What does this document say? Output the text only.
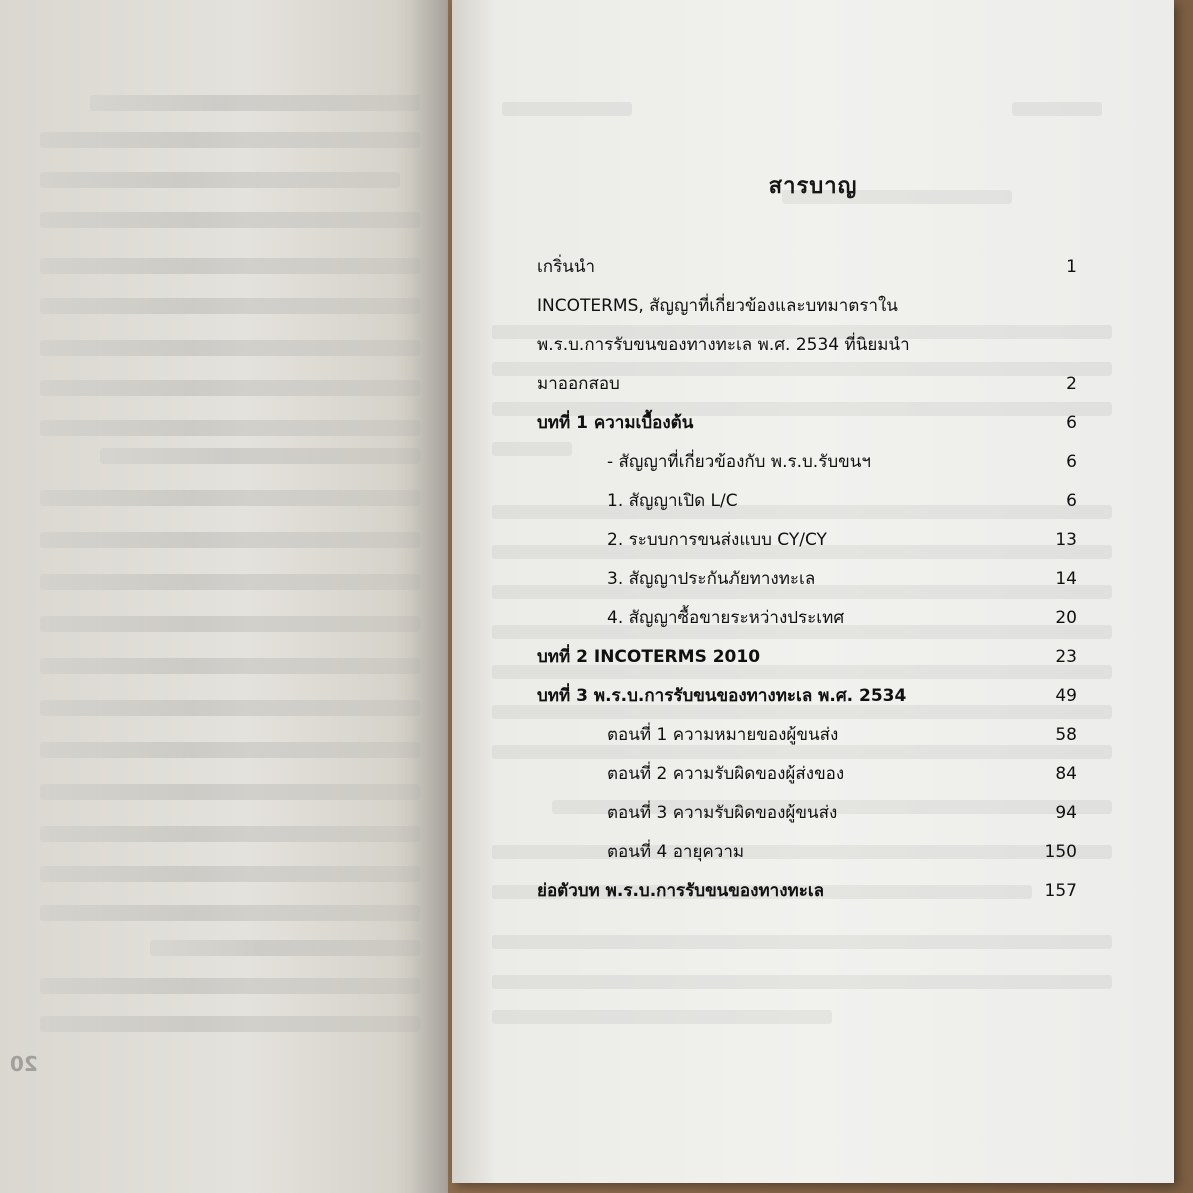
20
สารบาญ
เกริ่นนำ	1
INCOTERMS, สัญญาที่เกี่ยวข้องและบทมาตราใน
พ.ร.บ.การรับขนของทางทะเล พ.ศ. 2534 ที่นิยมนำ
มาออกสอบ	2
บทที่ 1 ความเบื้องต้น	6
- สัญญาที่เกี่ยวข้องกับ พ.ร.บ.รับขนฯ	6
1. สัญญาเปิด L/C	6
2. ระบบการขนส่งแบบ CY/CY	13
3. สัญญาประกันภัยทางทะเล	14
4. สัญญาซื้อขายระหว่างประเทศ	20
บทที่ 2 INCOTERMS 2010	23
บทที่ 3 พ.ร.บ.การรับขนของทางทะเล พ.ศ. 2534	49
ตอนที่ 1 ความหมายของผู้ขนส่ง	58
ตอนที่ 2 ความรับผิดของผู้ส่งของ	84
ตอนที่ 3 ความรับผิดของผู้ขนส่ง	94
ตอนที่ 4 อายุความ	150
ย่อตัวบท พ.ร.บ.การรับขนของทางทะเล	157
